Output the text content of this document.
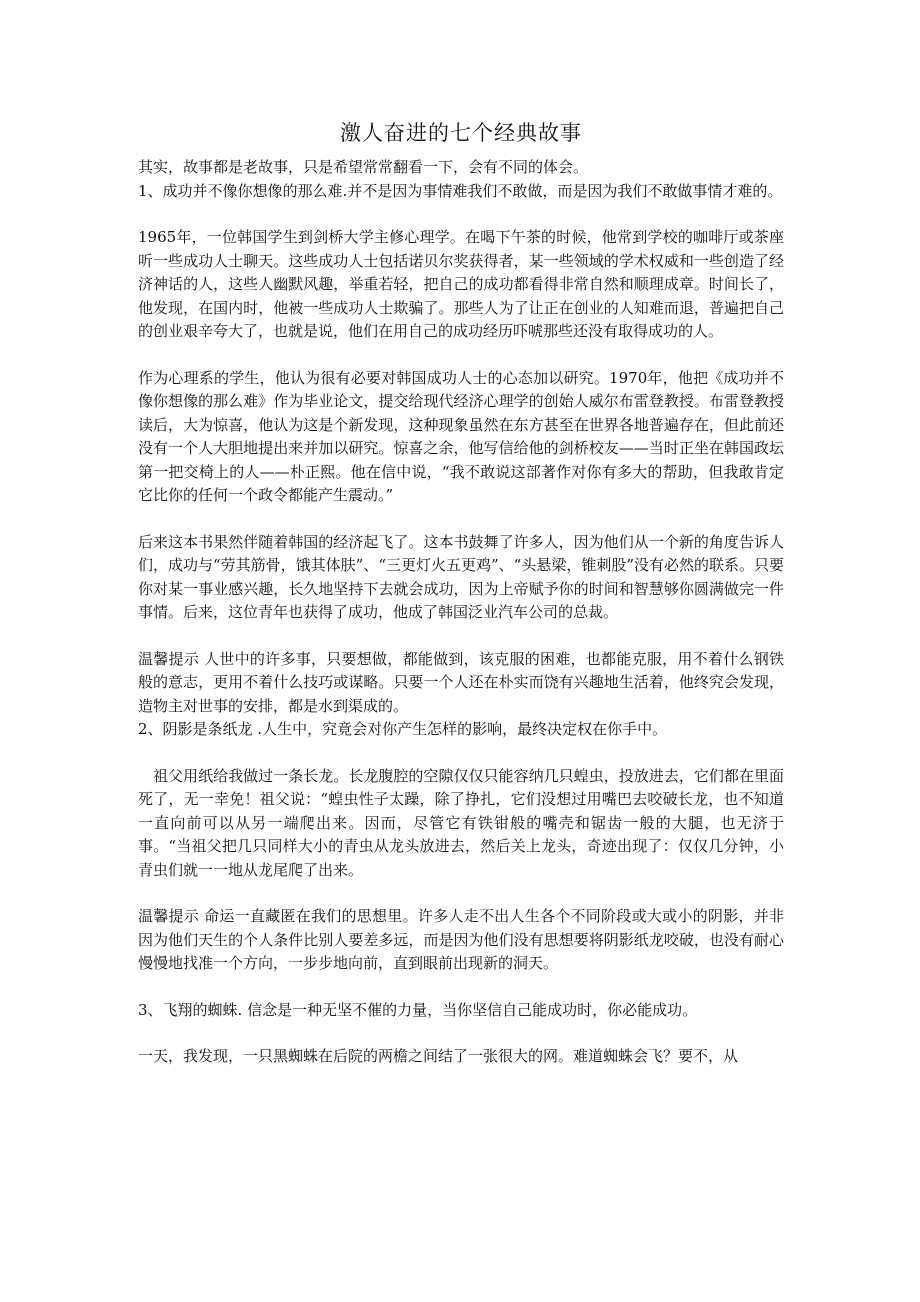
激人奋进的七个经典故事

其实，故事都是老故事，只是希望常常翻看一下，会有不同的体会。

1、成功并不像你想像的那么难.并不是因为事情难我们不敢做，而是因为我们不敢做事情才难的。

1965年，一位韩国学生到剑桥大学主修心理学。在喝下午茶的时候，他常到学校的咖啡厅或茶座听一些成功人士聊天。这些成功人士包括诺贝尔奖获得者，某一些领域的学术权威和一些创造了经济神话的人，这些人幽默风趣，举重若轻，把自己的成功都看得非常自然和顺理成章。时间长了，他发现，在国内时，他被一些成功人士欺骗了。那些人为了让正在创业的人知难而退，普遍把自己的创业艰辛夸大了，也就是说，他们在用自己的成功经历吓唬那些还没有取得成功的人。

作为心理系的学生，他认为很有必要对韩国成功人士的心态加以研究。1970年，他把《成功并不像你想像的那么难》作为毕业论文，提交给现代经济心理学的创始人威尔布雷登教授。布雷登教授读后，大为惊喜，他认为这是个新发现，这种现象虽然在东方甚至在世界各地普遍存在，但此前还没有一个人大胆地提出来并加以研究。惊喜之余，他写信给他的剑桥校友——当时正坐在韩国政坛第一把交椅上的人——朴正熙。他在信中说，“我不敢说这部著作对你有多大的帮助，但我敢肯定它比你的任何一个政令都能产生震动。”

后来这本书果然伴随着韩国的经济起飞了。这本书鼓舞了许多人，因为他们从一个新的角度告诉人们，成功与“劳其筋骨，饿其体肤”、“三更灯火五更鸡”、“头悬梁，锥刺股”没有必然的联系。只要你对某一事业感兴趣，长久地坚持下去就会成功，因为上帝赋予你的时间和智慧够你圆满做完一件事情。后来，这位青年也获得了成功，他成了韩国泛业汽车公司的总裁。

温馨提示 人世中的许多事，只要想做，都能做到，该克服的困难，也都能克服，用不着什么钢铁般的意志，更用不着什么技巧或谋略。只要一个人还在朴实而饶有兴趣地生活着，他终究会发现，造物主对世事的安排，都是水到渠成的。

2、阴影是条纸龙 .人生中，究竟会对你产生怎样的影响，最终决定权在你手中。

祖父用纸给我做过一条长龙。长龙腹腔的空隙仅仅只能容纳几只蝗虫，投放进去，它们都在里面死了，无一幸免！祖父说：“蝗虫性子太躁，除了挣扎，它们没想过用嘴巴去咬破长龙，也不知道一直向前可以从另一端爬出来。因而，尽管它有铁钳般的嘴壳和锯齿一般的大腿，也无济于事。“当祖父把几只同样大小的青虫从龙头放进去，然后关上龙头，奇迹出现了：仅仅几分钟，小青虫们就一一地从龙尾爬了出来。

温馨提示 命运一直藏匿在我们的思想里。许多人走不出人生各个不同阶段或大或小的阴影，并非因为他们天生的个人条件比别人要差多远，而是因为他们没有思想要将阴影纸龙咬破，也没有耐心慢慢地找准一个方向，一步步地向前，直到眼前出现新的洞天。

3、飞翔的蜘蛛. 信念是一种无坚不催的力量，当你坚信自己能成功时，你必能成功。

一天，我发现，一只黑蜘蛛在后院的两檐之间结了一张很大的网。难道蜘蛛会飞？要不，从
